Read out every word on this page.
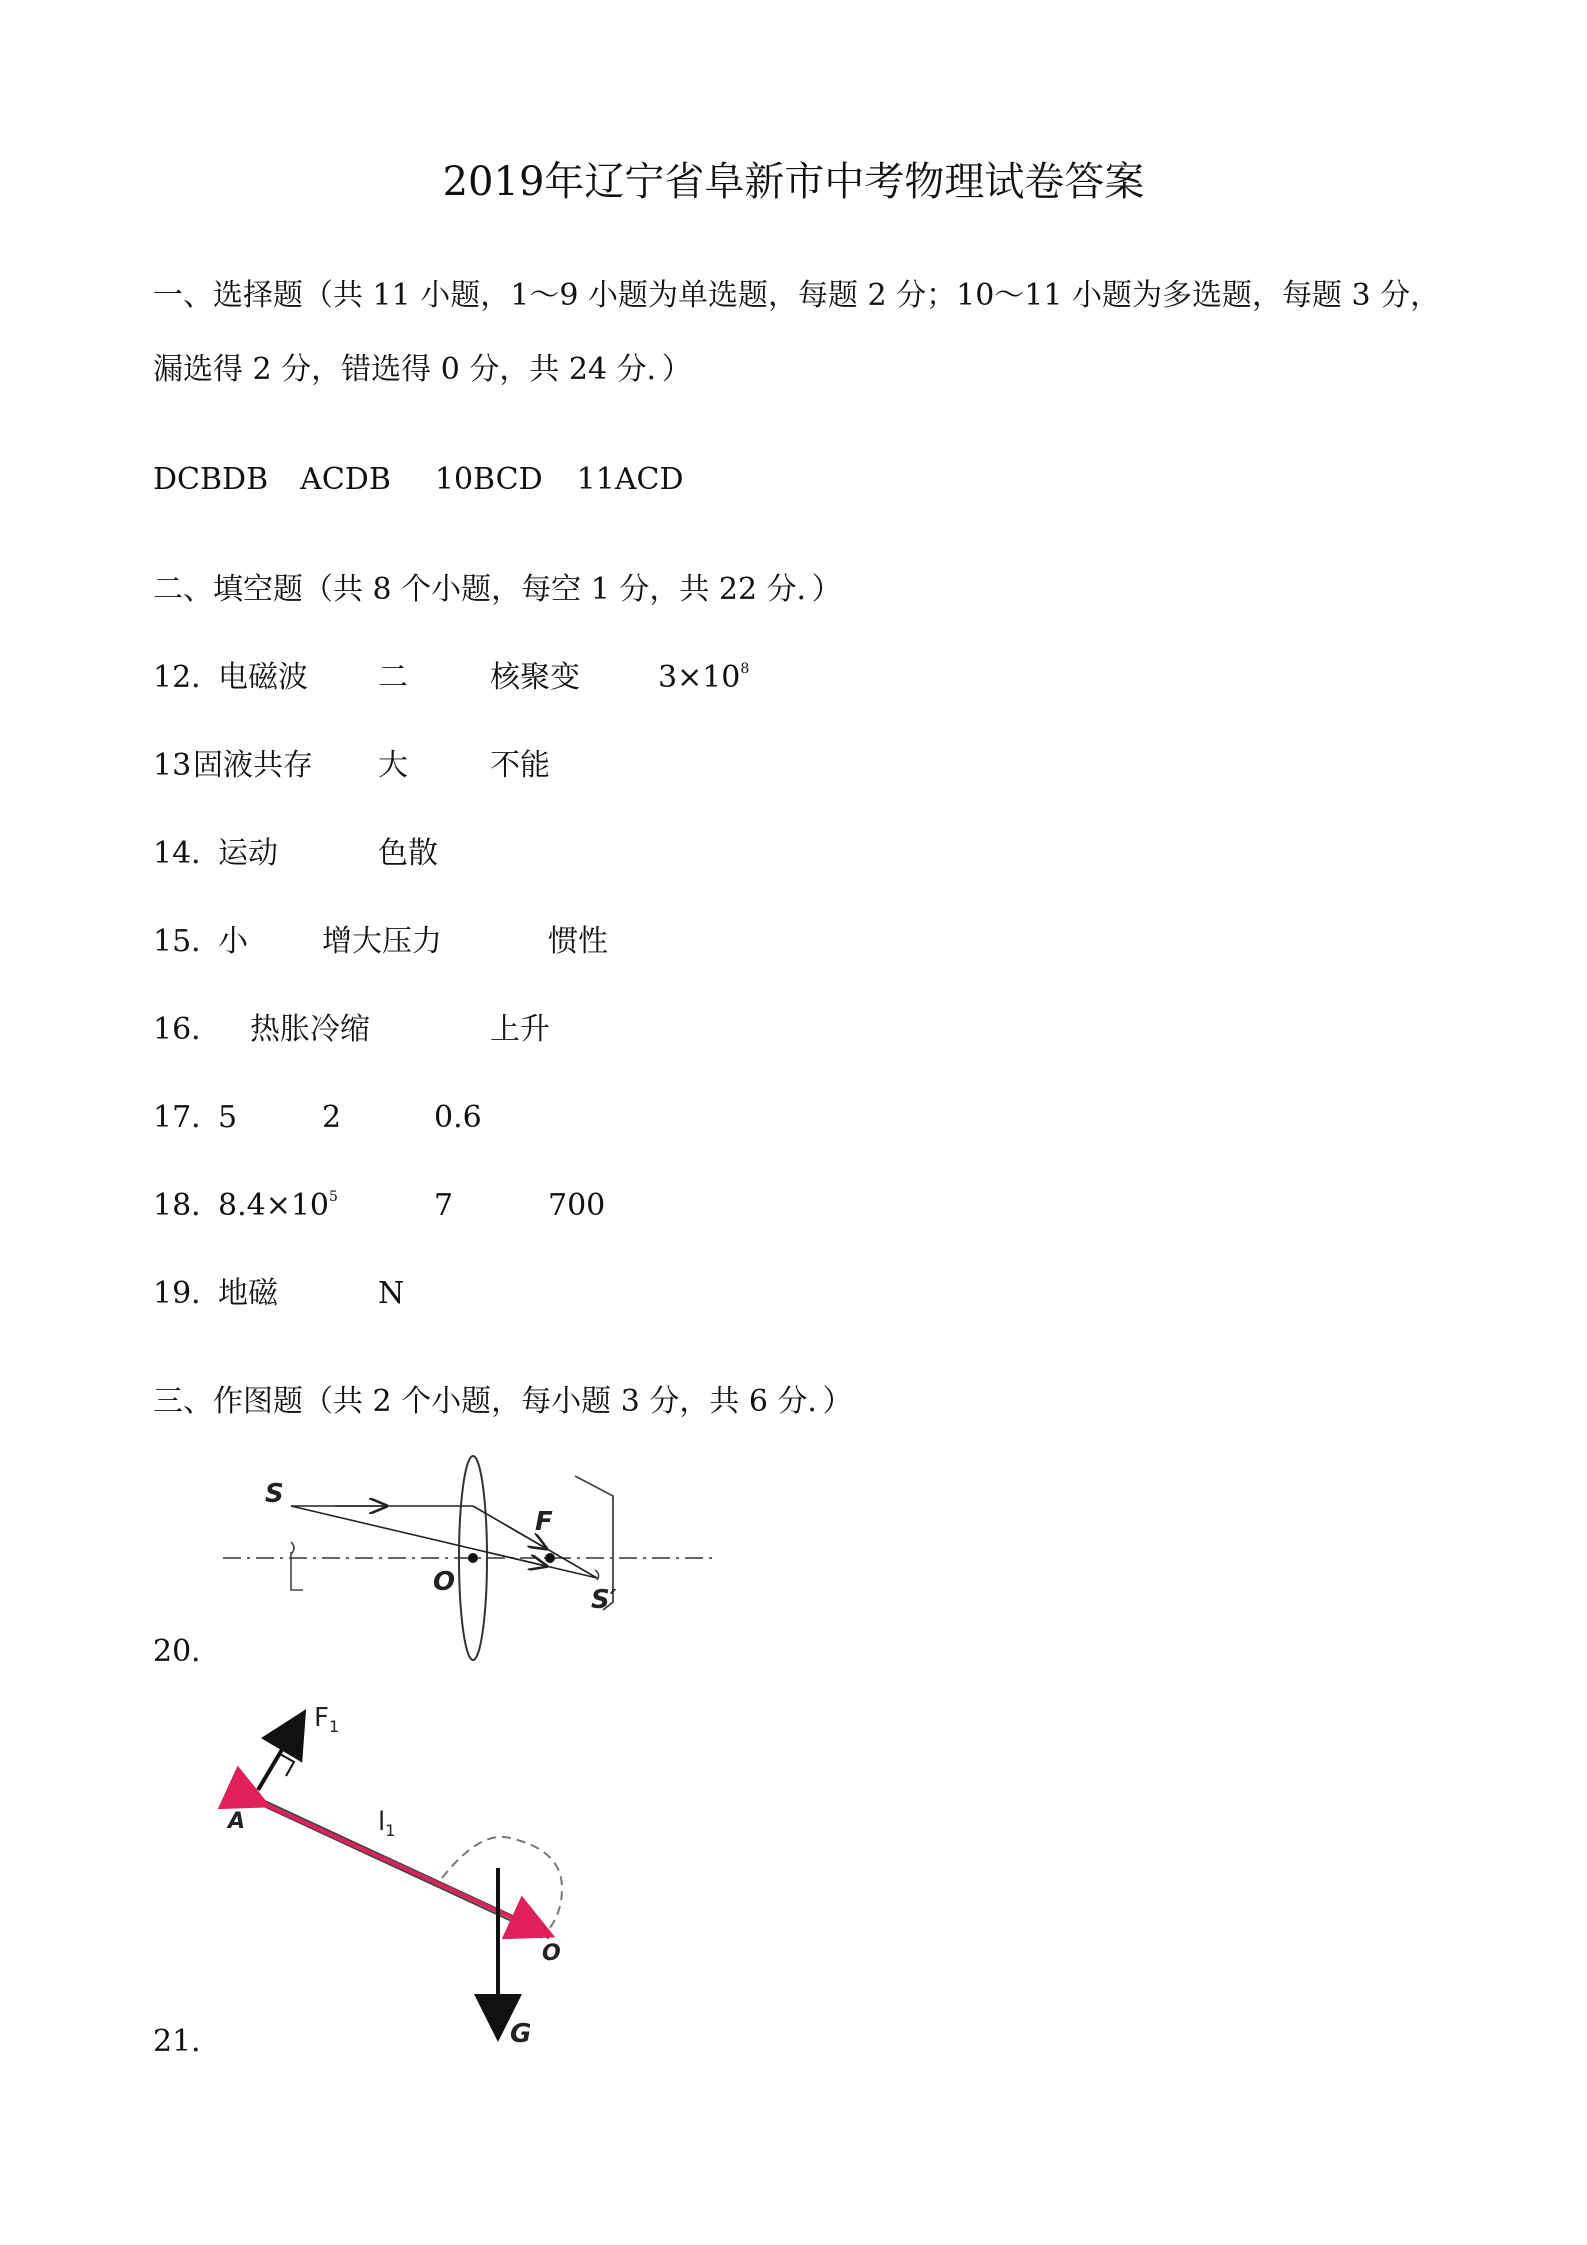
2019年辽宁省阜新市中考物理试卷答案
一、选择题（共 11 小题，1～9 小题为单选题，每题 2 分；10～11 小题为多选题，每题 3 分，
漏选得 2 分，错选得 0 分，共 24 分．）
DCBDB ACDB 10BCD 11ACD
二、填空题（共 8 个小题，每空 1 分，共 22 分．）
12．
电磁波 二	核聚变	$3\times 10^8$
13 固液共存 大	不能
14．
运动	色散
15．
小 增大压力	惯性
16． 热胀冷缩	上升
17．
5	2	0.6
18．
$8.4\times 10^5$	7	700
19．
地磁	N
三、作图题（共 2 个小题，每小题 3 分，共 6 分．）
S
F
O
S′
20．
$F_1$
A	$l_1$
O
G
21．
